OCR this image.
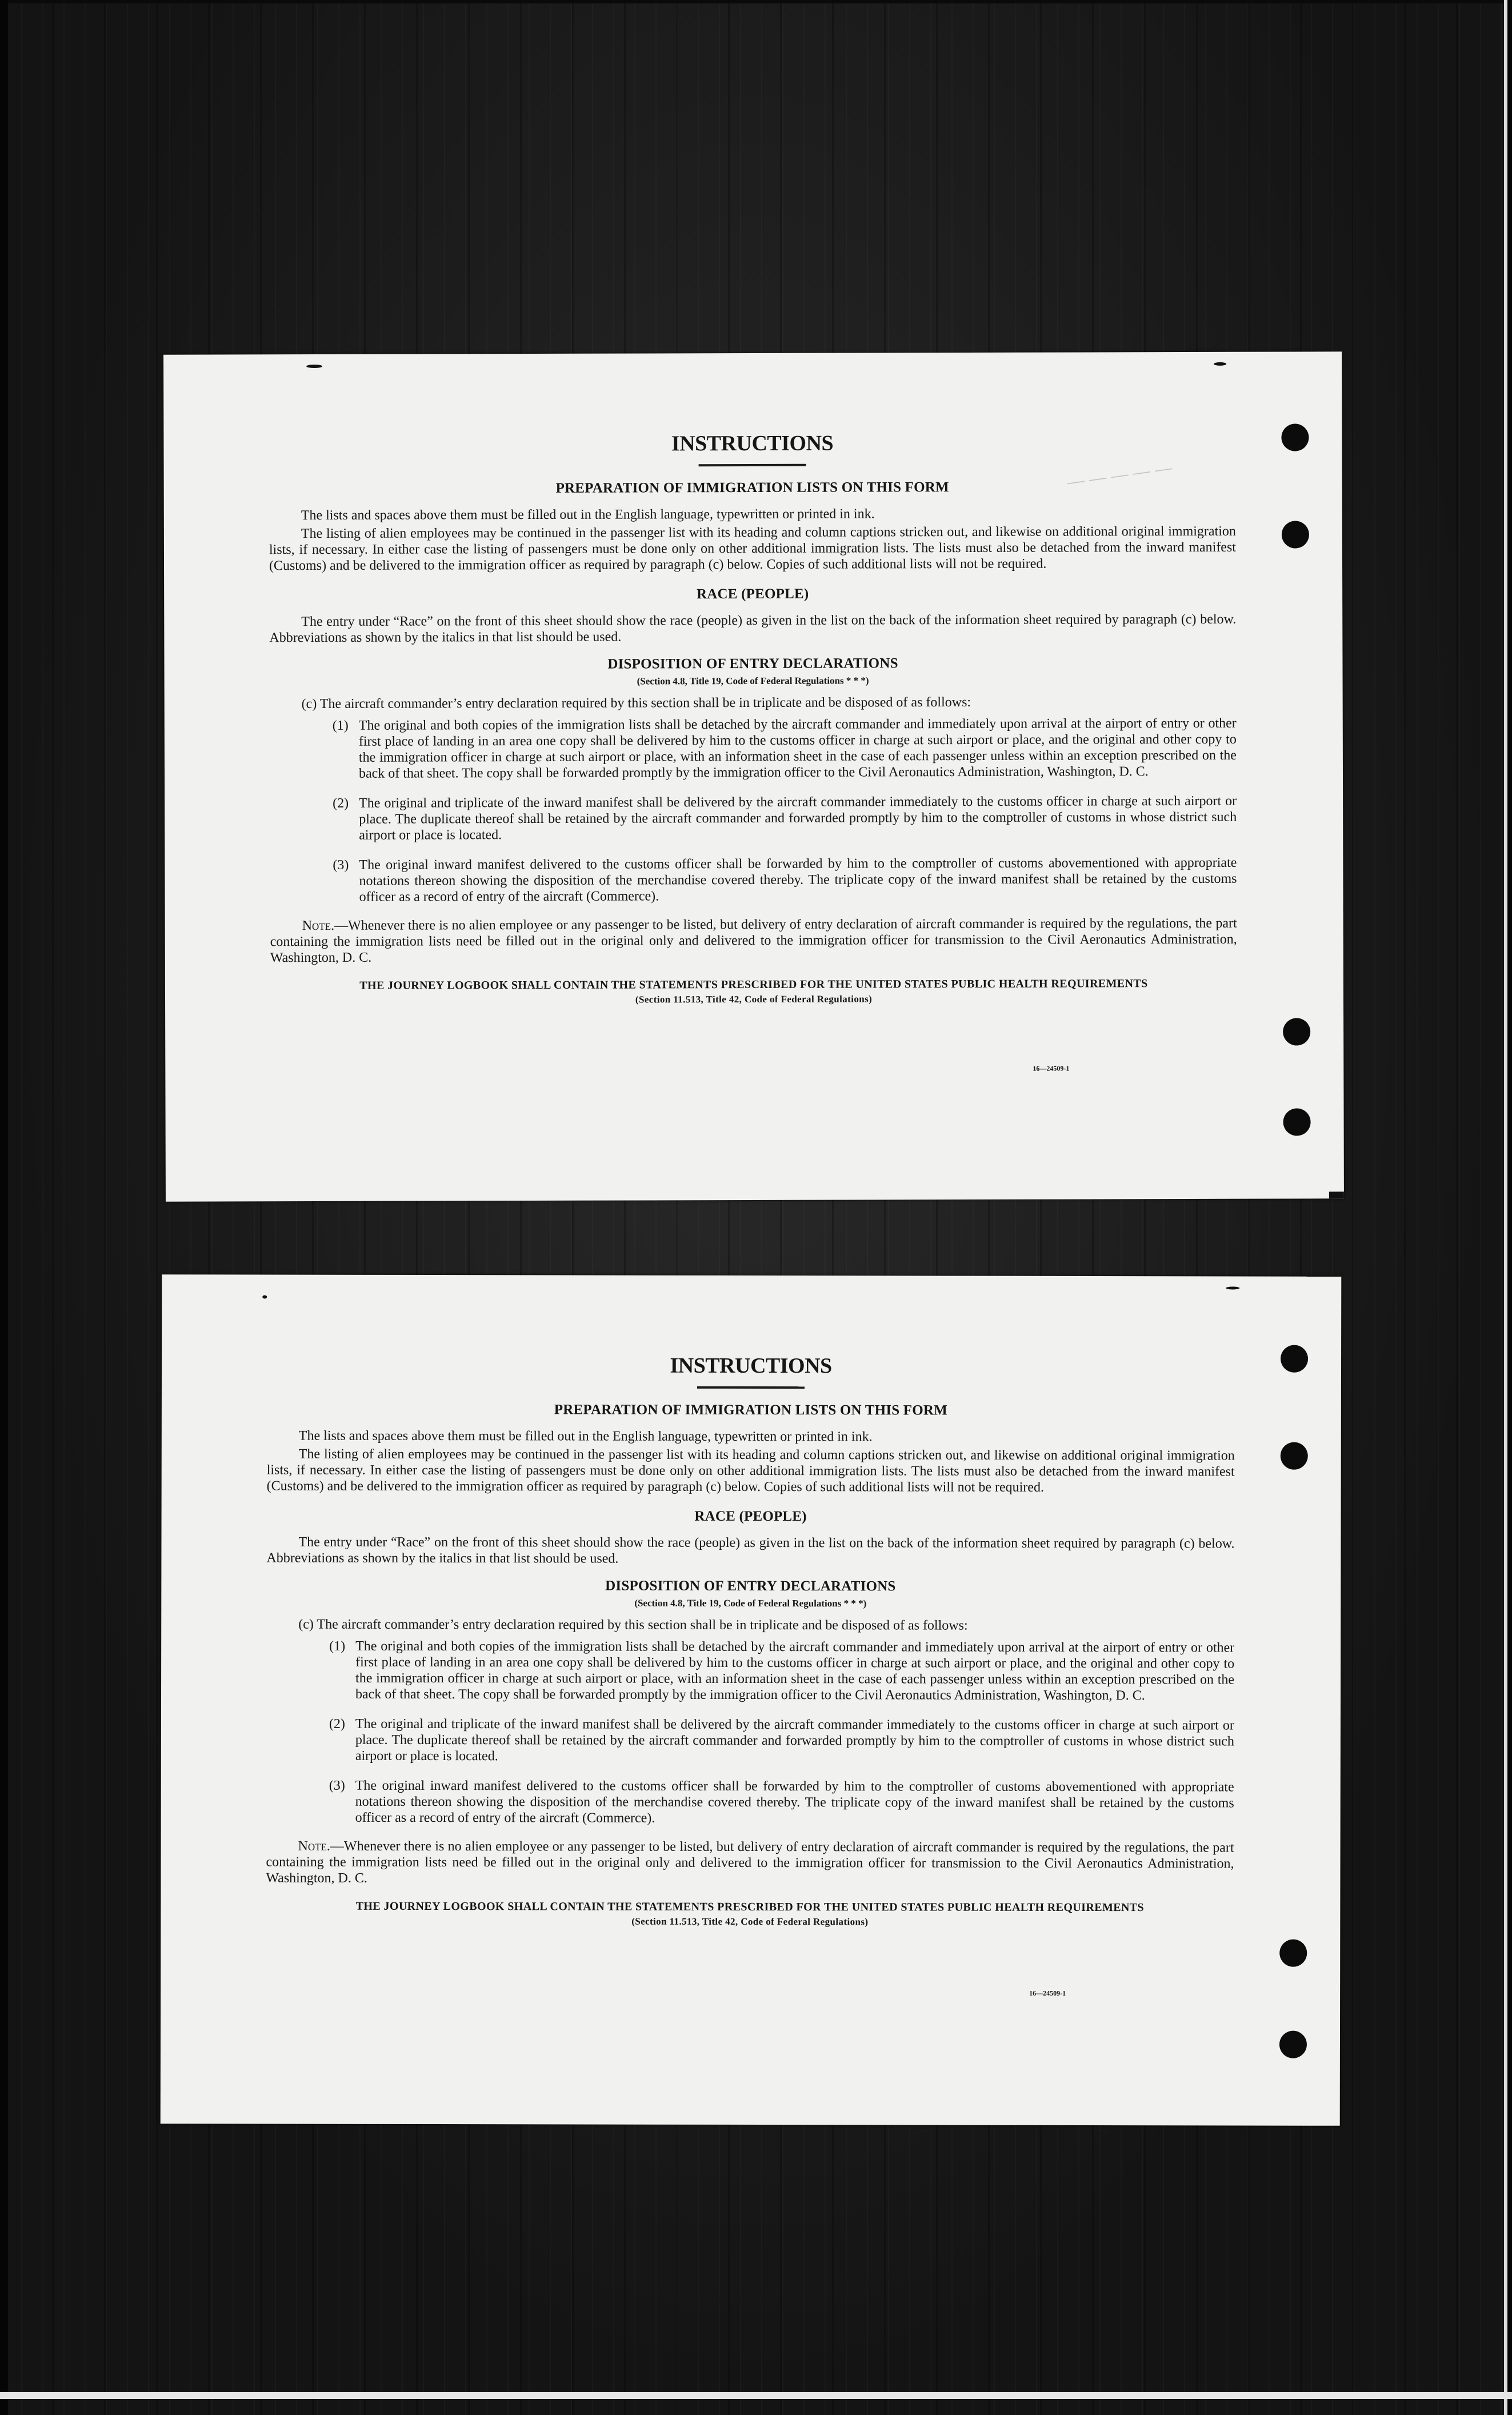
— — — — —
INSTRUCTIONS
PREPARATION OF IMMIGRATION LISTS ON THIS FORM

The lists and spaces above them must be filled out in the English language, typewritten or printed in ink.

The listing of alien employees may be continued in the passenger list with its heading and column captions stricken out, and likewise on additional original immigration lists, if necessary. In either case the listing of passengers must be done only on other additional immigration lists. The lists must also be detached from the inward manifest (Customs) and be delivered to the immigration officer as required by paragraph (c) below. Copies of such additional lists will not be required.

RACE (PEOPLE)

The entry under “Race” on the front of this sheet should show the race (people) as given in the list on the back of the information sheet required by paragraph (c) below. Abbreviations as shown by the italics in that list should be used.

DISPOSITION OF ENTRY DECLARATIONS
(Section 4.8, Title 19, Code of Federal Regulations * * *)

(c) The aircraft commander’s entry declaration required by this section shall be in triplicate and be disposed of as follows:

(1) The original and both copies of the immigration lists shall be detached by the aircraft commander and immediately upon arrival at the airport of entry or other first place of landing in an area one copy shall be delivered by him to the customs officer in charge at such airport or place, and the original and other copy to the immigration officer in charge at such airport or place, with an information sheet in the case of each passenger unless within an exception prescribed on the back of that sheet. The copy shall be forwarded promptly by the immigration officer to the Civil Aeronautics Administration, Washington, D. C.
(2) The original and triplicate of the inward manifest shall be delivered by the aircraft commander immediately to the customs officer in charge at such airport or place. The duplicate thereof shall be retained by the aircraft commander and forwarded promptly by him to the comptroller of customs in whose district such airport or place is located.
(3) The original inward manifest delivered to the customs officer shall be forwarded by him to the comptroller of customs abovementioned with appropriate notations thereon showing the disposition of the merchandise covered thereby. The triplicate copy of the inward manifest shall be retained by the customs officer as a record of entry of the aircraft (Commerce).

Note.—Whenever there is no alien employee or any passenger to be listed, but delivery of entry declaration of aircraft commander is required by the regulations, the part containing the immigration lists need be filled out in the original only and delivered to the immigration officer for transmission to the Civil Aeronautics Administration, Washington, D. C.

THE JOURNEY LOGBOOK SHALL CONTAIN THE STATEMENTS PRESCRIBED FOR THE UNITED STATES PUBLIC HEALTH REQUIREMENTS
(Section 11.513, Title 42, Code of Federal Regulations)
16—24509-1
INSTRUCTIONS
PREPARATION OF IMMIGRATION LISTS ON THIS FORM

The lists and spaces above them must be filled out in the English language, typewritten or printed in ink.

The listing of alien employees may be continued in the passenger list with its heading and column captions stricken out, and likewise on additional original immigration lists, if necessary. In either case the listing of passengers must be done only on other additional immigration lists. The lists must also be detached from the inward manifest (Customs) and be delivered to the immigration officer as required by paragraph (c) below. Copies of such additional lists will not be required.

RACE (PEOPLE)

The entry under “Race” on the front of this sheet should show the race (people) as given in the list on the back of the information sheet required by paragraph (c) below. Abbreviations as shown by the italics in that list should be used.

DISPOSITION OF ENTRY DECLARATIONS
(Section 4.8, Title 19, Code of Federal Regulations * * *)

(c) The aircraft commander’s entry declaration required by this section shall be in triplicate and be disposed of as follows:

(1) The original and both copies of the immigration lists shall be detached by the aircraft commander and immediately upon arrival at the airport of entry or other first place of landing in an area one copy shall be delivered by him to the customs officer in charge at such airport or place, and the original and other copy to the immigration officer in charge at such airport or place, with an information sheet in the case of each passenger unless within an exception prescribed on the back of that sheet. The copy shall be forwarded promptly by the immigration officer to the Civil Aeronautics Administration, Washington, D. C.
(2) The original and triplicate of the inward manifest shall be delivered by the aircraft commander immediately to the customs officer in charge at such airport or place. The duplicate thereof shall be retained by the aircraft commander and forwarded promptly by him to the comptroller of customs in whose district such airport or place is located.
(3) The original inward manifest delivered to the customs officer shall be forwarded by him to the comptroller of customs abovementioned with appropriate notations thereon showing the disposition of the merchandise covered thereby. The triplicate copy of the inward manifest shall be retained by the customs officer as a record of entry of the aircraft (Commerce).

Note.—Whenever there is no alien employee or any passenger to be listed, but delivery of entry declaration of aircraft commander is required by the regulations, the part containing the immigration lists need be filled out in the original only and delivered to the immigration officer for transmission to the Civil Aeronautics Administration, Washington, D. C.

THE JOURNEY LOGBOOK SHALL CONTAIN THE STATEMENTS PRESCRIBED FOR THE UNITED STATES PUBLIC HEALTH REQUIREMENTS
(Section 11.513, Title 42, Code of Federal Regulations)
16—24509-1
